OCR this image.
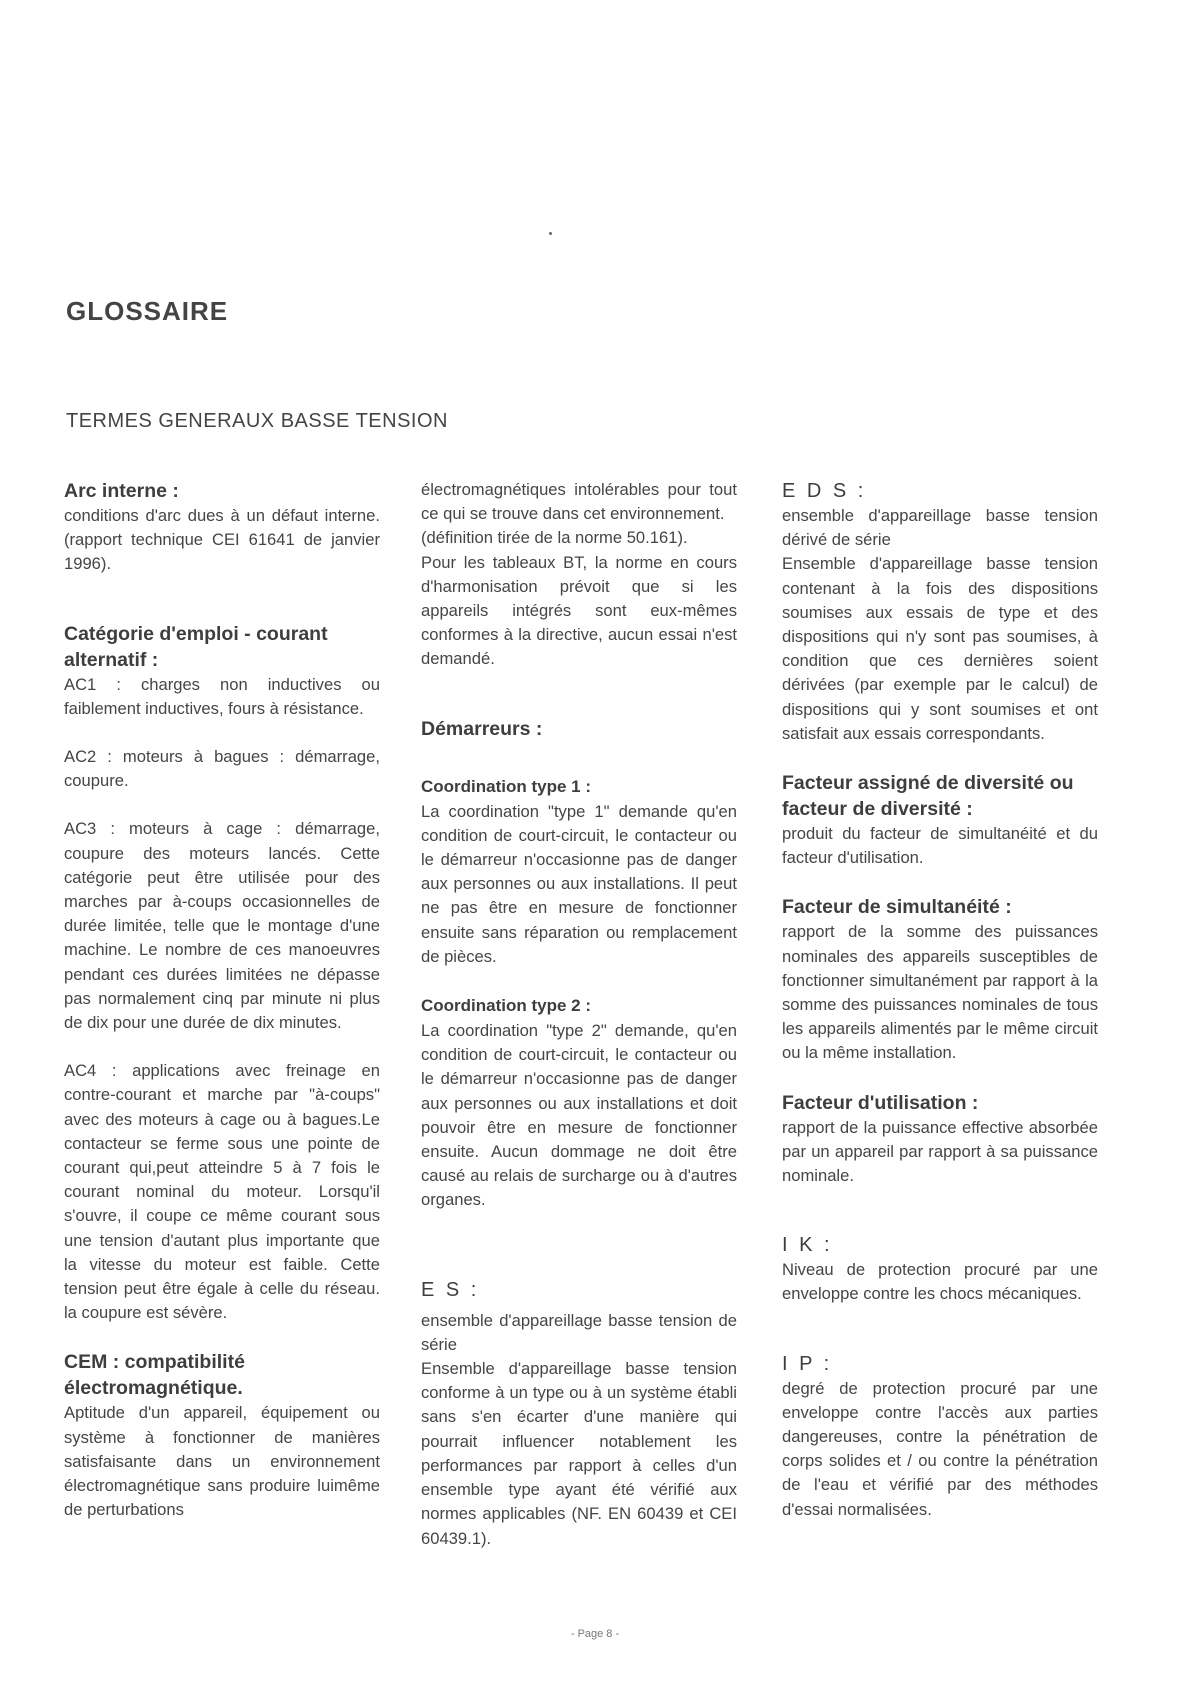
GLOSSAIRE
TERMES GENERAUX BASSE TENSION

Arc interne :

conditions d'arc dues à un défaut interne. (rapport technique CEI 61641 de janvier 1996).

Catégorie d'emploi - courant alternatif :

AC1 : charges non inductives ou faiblement inductives, fours à résistance.

AC2 : moteurs à bagues : démarrage, coupure.

AC3 : moteurs à cage : démarrage, coupure des moteurs lancés. Cette catégorie peut être utilisée pour des marches par à-coups occasionnelles de durée limitée, telle que le montage d'une machine. Le nombre de ces manoeuvres pendant ces durées limitées ne dépasse pas normalement cinq par minute ni plus de dix pour une durée de dix minutes.

AC4 : applications avec freinage en contre-courant et marche par "à-coups" avec des moteurs à cage ou à bagues.Le contacteur se ferme sous une pointe de courant qui,peut atteindre 5 à 7 fois le courant nominal du moteur. Lorsqu'il s'ouvre, il coupe ce même courant sous une tension d'autant plus importante que la vitesse du moteur est faible. Cette tension peut être égale à celle du réseau. la coupure est sévère.

CEM : compatibilité électromagnétique.

Aptitude d'un appareil, équipement ou système à fonctionner de manières satisfaisante dans un environnement électromagnétique sans produire luimême de perturbations

électromagnétiques intolérables pour tout ce qui se trouve dans cet environnement.

(définition tirée de la norme 50.161).

Pour les tableaux BT, la norme en cours d'harmonisation prévoit que si les appareils intégrés sont eux-mêmes conformes à la directive, aucun essai n'est demandé.

Démarreurs :

Coordination type 1 :

La coordination "type 1" demande qu'en condition de court-circuit, le contacteur ou le démarreur n'occasionne pas de danger aux personnes ou aux installations. Il peut ne pas être en mesure de fonctionner ensuite sans réparation ou remplacement de pièces.

Coordination type 2 :

La coordination "type 2" demande, qu'en condition de court-circuit, le contacteur ou le démarreur n'occasionne pas de danger aux personnes ou aux installations et doit pouvoir être en mesure de fonctionner ensuite. Aucun dommage ne doit être causé au relais de surcharge ou à d'autres organes.

E S :

ensemble d'appareillage basse tension de série

Ensemble d'appareillage basse tension conforme à un type ou à un système établi sans s'en écarter d'une manière qui pourrait influencer notablement les performances par rapport à celles d'un ensemble type ayant été vérifié aux normes applicables (NF. EN 60439 et CEI 60439.1).

E D S :

ensemble d'appareillage basse tension dérivé de série

Ensemble d'appareillage basse tension contenant à la fois des dispositions soumises aux essais de type et des dispositions qui n'y sont pas soumises, à condition que ces dernières soient dérivées (par exemple par le calcul) de dispositions qui y sont soumises et ont satisfait aux essais correspondants.

Facteur assigné de diversité ou facteur de diversité :

produit du facteur de simultanéité et du facteur d'utilisation.

Facteur de simultanéité :

rapport de la somme des puissances nominales des appareils susceptibles de fonctionner simultanément par rapport à la somme des puissances nominales de tous les appareils alimentés par le même circuit ou la même installation.

Facteur d'utilisation :

rapport de la puissance effective absorbée par un appareil par rapport à sa puissance nominale.

I K :

Niveau de protection procuré par une enveloppe contre les chocs mécaniques.

I P :

degré de protection procuré par une enveloppe contre l'accès aux parties dangereuses, contre la pénétration de corps solides et / ou contre la pénétration de l'eau et vérifié par des méthodes d'essai normalisées.

- Page 8 -
